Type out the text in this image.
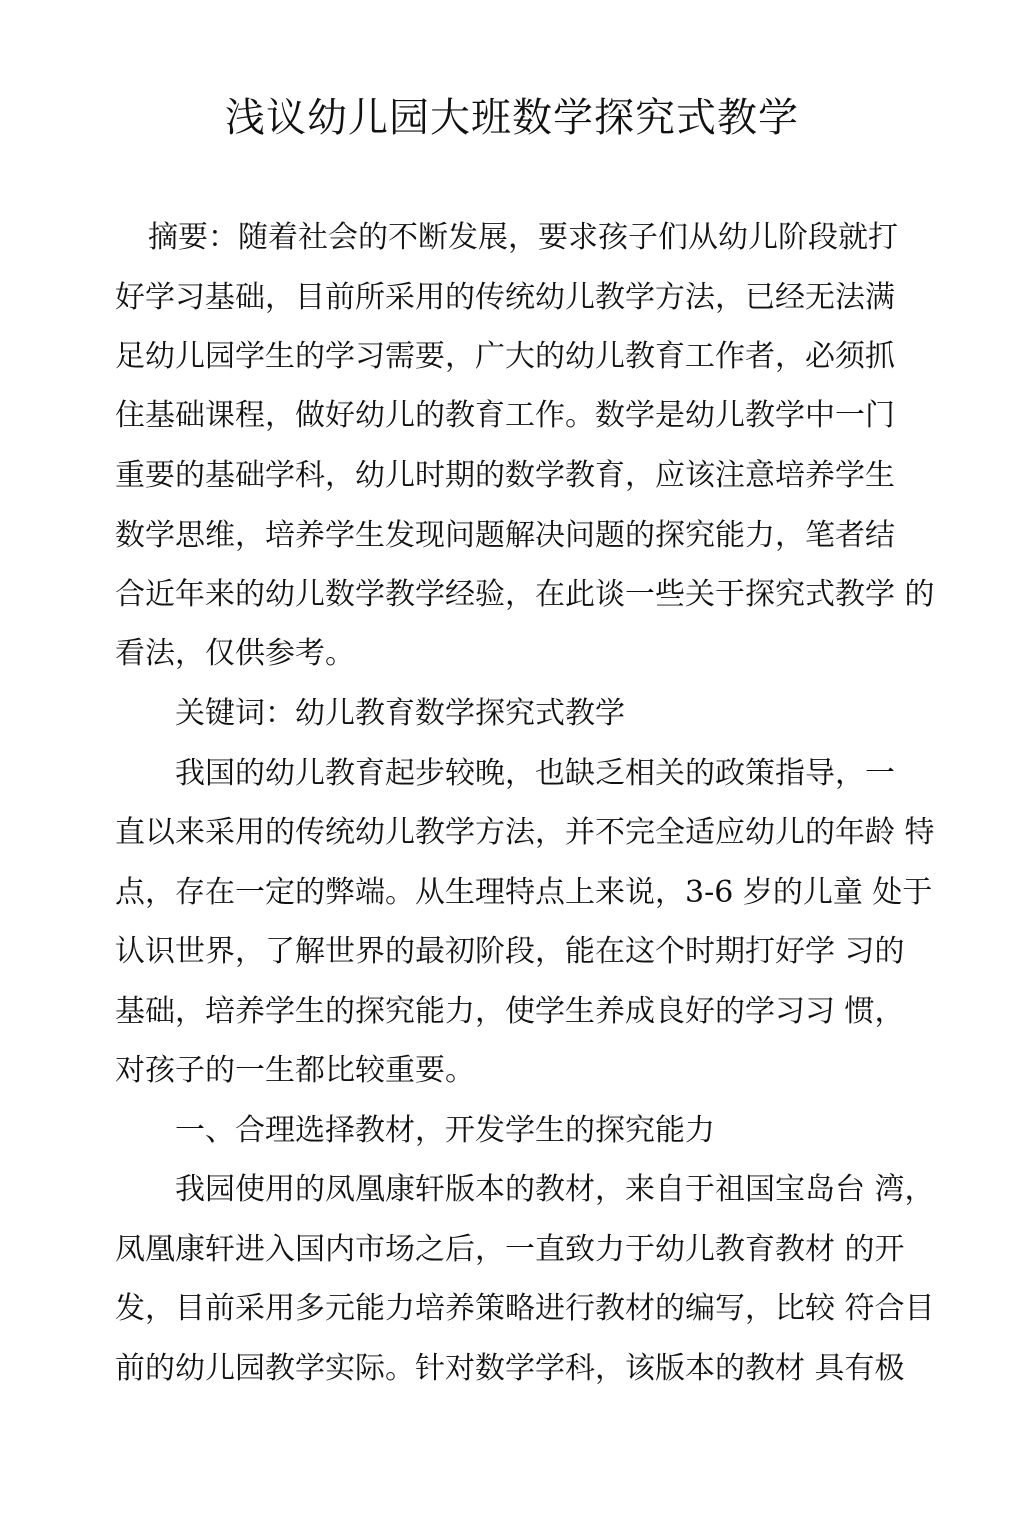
浅议幼儿园大班数学探究式教学
摘要：随着社会的不断发展，要求孩子们从幼儿阶段就打
好学习基础，目前所采用的传统幼儿教学方法，已经无法满
足幼儿园学生的学习需要，广大的幼儿教育工作者，必须抓
住基础课程，做好幼儿的教育工作。数学是幼儿教学中一门
重要的基础学科，幼儿时期的数学教育，应该注意培养学生
数学思维，培养学生发现问题解决问题的探究能力，笔者结
合近年来的幼儿数学教学经验，在此谈一些关于探究式教学 的
看法，仅供参考。
关键词：幼儿教育数学探究式教学
我国的幼儿教育起步较晚，也缺乏相关的政策指导，一
直以来采用的传统幼儿教学方法，并不完全适应幼儿的年龄 特
点，存在一定的弊端。从生理特点上来说，3-6 岁的儿童 处于
认识世界，了解世界的最初阶段，能在这个时期打好学 习的
基础，培养学生的探究能力，使学生养成良好的学习习 惯，
对孩子的一生都比较重要。
一、合理选择教材，开发学生的探究能力
我园使用的凤凰康轩版本的教材，来自于祖国宝岛台 湾，
凤凰康轩进入国内市场之后，一直致力于幼儿教育教材 的开
发，目前采用多元能力培养策略进行教材的编写，比较 符合目
前的幼儿园教学实际。针对数学学科，该版本的教材 具有极
